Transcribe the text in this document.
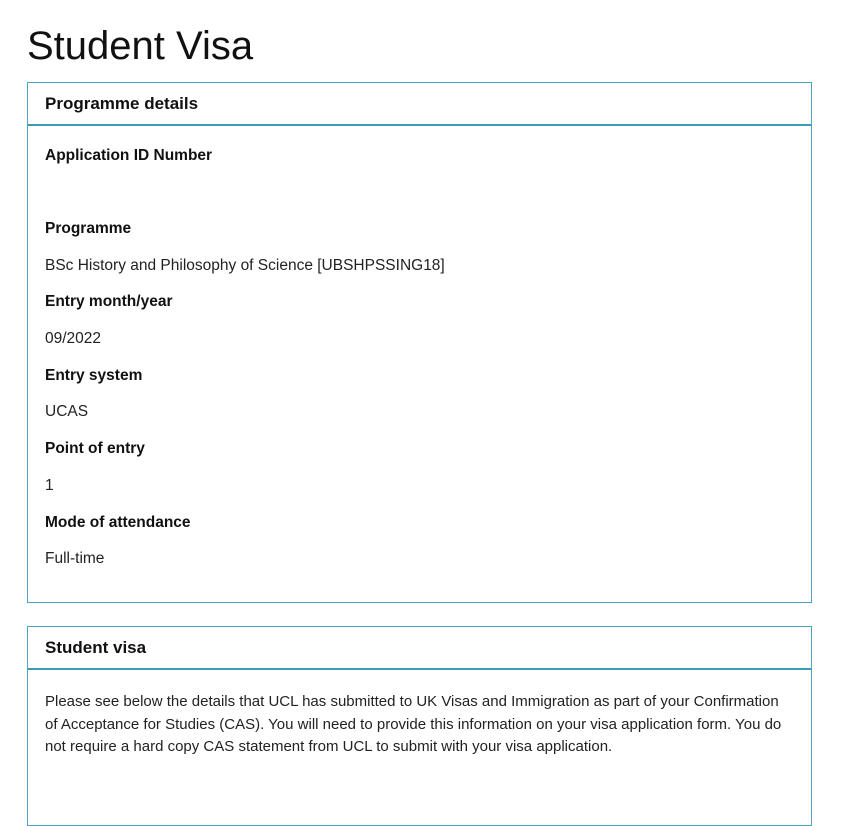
Student Visa
Programme details
Application ID Number
Programme
BSc History and Philosophy of Science [UBSHPSSING18]
Entry month/year
09/2022
Entry system
UCAS
Point of entry
1
Mode of attendance
Full-time
Student visa

Please see below the details that UCL has submitted to UK Visas and Immigration as part of your Confirmation of Acceptance for Studies (CAS). You will need to provide this information on your visa application form. You do not require a hard copy CAS statement from UCL to submit with your visa application.
